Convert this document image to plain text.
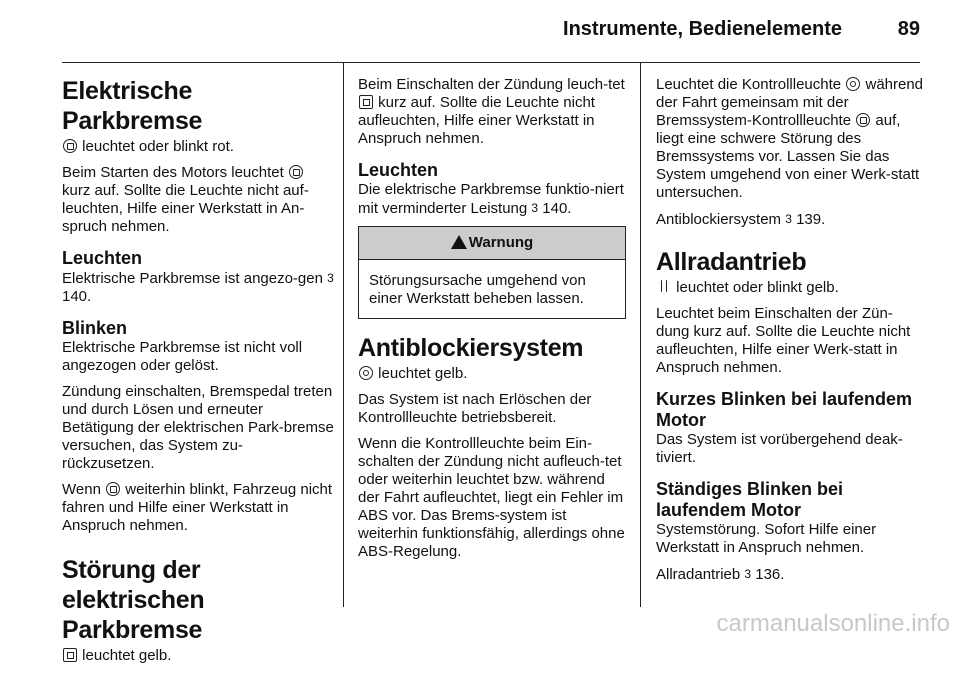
Instrumente, Bedienelemente	89
Elektrische Parkbremse

leuchtet oder blinkt rot.

Beim Starten des Motors leuchtet  kurz auf. Sollte die Leuchte nicht auf-leuchten, Hilfe einer Werkstatt in An-spruch nehmen.

Leuchten

Elektrische Parkbremse ist angezo-gen 3 140.

Blinken

Elektrische Parkbremse ist nicht voll angezogen oder gelöst.

Zündung einschalten, Bremspedal treten und durch Lösen und erneuter Betätigung der elektrischen Park-bremse versuchen, das System zu-rückzusetzen.

Wenn weiterhin blinkt, Fahrzeug nicht fahren und Hilfe einer Werkstatt in Anspruch nehmen.

Störung der elektrischen Parkbremse

leuchtet gelb.

Beim Einschalten der Zündung leuch-tet  kurz auf. Sollte die Leuchte nicht aufleuchten, Hilfe einer Werkstatt in Anspruch nehmen.

Leuchten

Die elektrische Parkbremse funktio-niert mit verminderter Leistung 3 140.

Warnung
Störungsursache umgehend von einer Werkstatt beheben lassen.
Antiblockiersystem

leuchtet gelb.

Das System ist nach Erlöschen der Kontrollleuchte betriebsbereit.

Wenn die Kontrollleuchte beim Ein-schalten der Zündung nicht aufleuch-tet oder weiterhin leuchtet bzw. während der Fahrt aufleuchtet, liegt ein Fehler im ABS vor. Das Brems-system ist weiterhin funktionsfähig, allerdings ohne ABS-Regelung.

Leuchtet die Kontrollleuchte während der Fahrt gemeinsam mit der Bremssystem-Kontrollleuchte auf, liegt eine schwere Störung des Bremssystems vor. Lassen Sie das System umgehend von einer Werk-statt untersuchen.

Antiblockiersystem 3 139.

Allradantrieb

leuchtet oder blinkt gelb.

Leuchtet beim Einschalten der Zün-dung kurz auf. Sollte die Leuchte nicht aufleuchten, Hilfe einer Werk-statt in Anspruch nehmen.

Kurzes Blinken bei laufendem Motor

Das System ist vorübergehend deak-tiviert.

Ständiges Blinken bei laufendem Motor

Systemstörung. Sofort Hilfe einer Werkstatt in Anspruch nehmen.

Allradantrieb 3 136.

carmanualsonline.info
